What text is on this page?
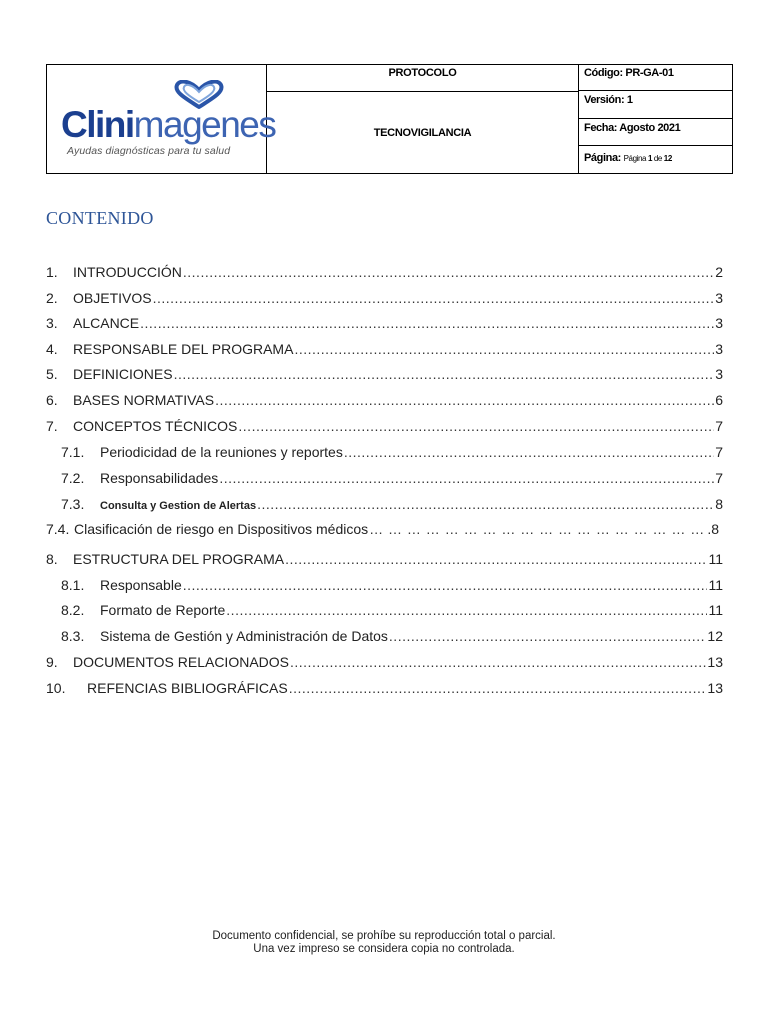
Clinimagenes
Ayudas diagnósticas para tu salud
PROTOCOLO
TECNOVIGILANCIA
Código: PR-GA-01
Versión: 1
Fecha: Agosto 2021
Página: Página 1 de 12
CONTENIDO
1.	INTRODUCCIÓN .....	2
2.	OBJETIVOS .....	3
3.	ALCANCE .....	3
4.	RESPONSABLE DEL PROGRAMA .....	3
5.	DEFINICIONES .....	3
6.	BASES NORMATIVAS .....	6
7.	CONCEPTOS TÉCNICOS .....	7
7.1.	Periodicidad de la reuniones y reportes .....	7
7.2.	Responsabilidades .....	7
7.3.	Consulta y Gestion de Alertas .....	8
7.4. Clasificación de riesgo en Dispositivos médicos … … … … … … … … … … … … … … … … … … … … … … … … … … … … … … … … … … … … … … … … … … … … … … …	.8
8.	ESTRUCTURA DEL PROGRAMA .....	11
8.1.	Responsable .....	11
8.2.	Formato de Reporte .....	11
8.3.	Sistema de Gestión y Administración de Datos .....	12
9.	DOCUMENTOS RELACIONADOS .....	13
10.	REFENCIAS BIBLIOGRÁFICAS .....	13
Documento confidencial, se prohíbe su reproducción total o parcial.
Una vez impreso se considera copia no controlada.
